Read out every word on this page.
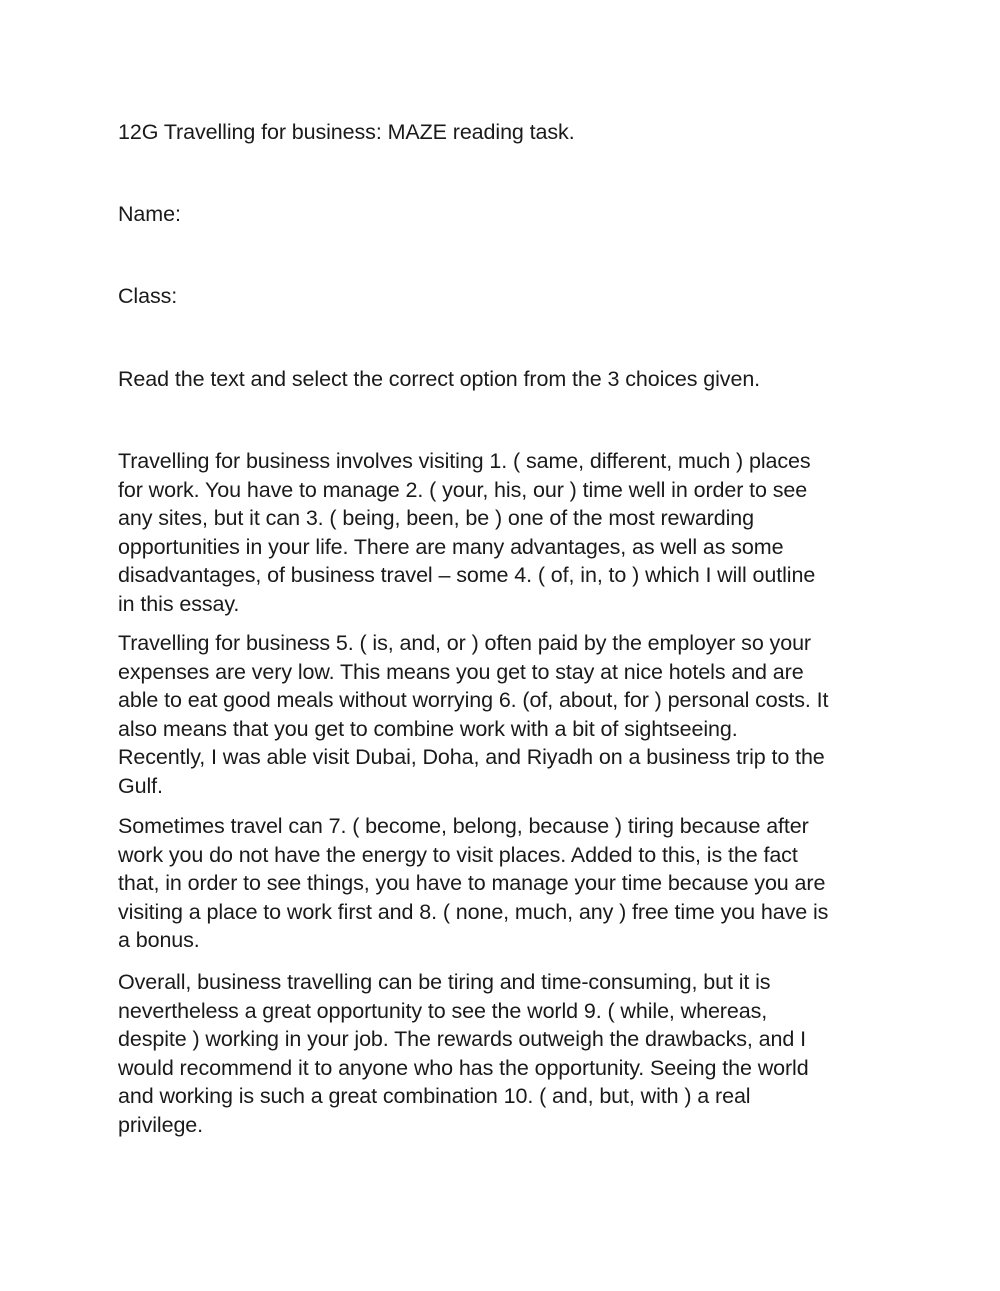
12G Travelling for business: MAZE reading task.
Name:
Class:
Read the text and select the correct option from the 3 choices given.
Travelling for business involves visiting 1. ( same, different, much ) places
for work. You have to manage 2. ( your, his, our ) time well in order to see
any sites, but it can 3. ( being, been, be ) one of the most rewarding
opportunities in your life. There are many advantages, as well as some
disadvantages, of business travel – some 4. ( of, in, to ) which I will outline
in this essay.
Travelling for business 5. ( is, and, or ) often paid by the employer so your
expenses are very low. This means you get to stay at nice hotels and are
able to eat good meals without worrying 6. (of, about, for ) personal costs. It
also means that you get to combine work with a bit of sightseeing.
Recently, I was able visit Dubai, Doha, and Riyadh on a business trip to the
Gulf.
Sometimes travel can 7. ( become, belong, because ) tiring because after
work you do not have the energy to visit places. Added to this, is the fact
that, in order to see things, you have to manage your time because you are
visiting a place to work first and 8. ( none, much, any ) free time you have is
a bonus.
Overall, business travelling can be tiring and time-consuming, but it is
nevertheless a great opportunity to see the world 9. ( while, whereas,
despite ) working in your job. The rewards outweigh the drawbacks, and I
would recommend it to anyone who has the opportunity. Seeing the world
and working is such a great combination 10. ( and, but, with ) a real
privilege.
